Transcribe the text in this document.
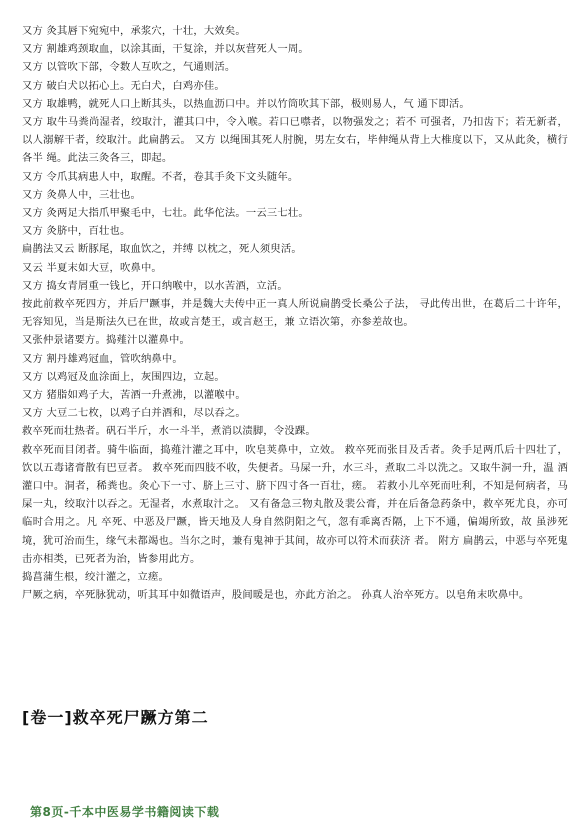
又方 灸其唇下宛宛中，承浆穴，十壮，大效矣。

又方 割雄鸡颈取血，以涂其面，干复涂，并以灰营死人一周。

又方 以管吹下部，令数人互吹之，气通则活。

又方 破白犬以拓心上。无白犬，白鸡亦佳。

又方 取雄鸭，就死人口上断其头，以热血沥口中。并以竹筒吹其下部，极则易人，气 通下即活。

又方 取牛马粪尚湿者，绞取汁，灌其口中，令入喉。若口已噤者，以物强发之；若不 可强者，乃扣齿下；若无新者，以人溺解干者，绞取汁。此扁鹊云。 又方 以绳围其死人肘腕，男左女右，毕伸绳从背上大椎度以下，又从此灸，横行各半 绳。此法三灸各三，即起。

又方 令爪其病患人中，取醒。不者，卷其手灸下文头随年。

又方 灸鼻人中，三壮也。

又方 灸两足大指爪甲聚毛中，七壮。此华佗法。一云三七壮。

又方 灸脐中，百壮也。

扁鹊法又云 断豚尾，取血饮之，并缚 以枕之，死人须臾活。

又云 半夏末如大豆，吹鼻中。

又方 捣女青屑重一钱匕，开口纳喉中，以水苦酒，立活。

按此前救卒死四方，并后尸蹶事，并是魏大夫传中正一真人所说扁鹊受长桑公子法， 寻此传出世，在葛后二十许年，无容知见，当是斯法久已在世，故或言楚王，或言赵王，兼 立语次第，亦参差故也。

又张仲景诸要方。捣薤汁以灌鼻中。

又方 割丹雄鸡冠血，管吹纳鼻中。

又方 以鸡冠及血涂面上，灰围四边，立起。

又方 猪脂如鸡子大，苦酒一升煮沸，以灌喉中。

又方 大豆二七枚，以鸡子白并酒和，尽以吞之。

救卒死而壮热者。矾石半斤，水一斗半，煮消以渍脚，令没踝。

救卒死而目闭者。骑牛临面，捣薤汁灌之耳中，吹皂荚鼻中，立效。 救卒死而张目及舌者。灸手足两爪后十四壮了，饮以五毒诸膏散有巴豆者。 救卒死而四肢不收，失便者。马屎一升，水三斗，煮取二斗以洗之。又取牛洞一升，温 酒灌口中。洞者，稀粪也。灸心下一寸、脐上三寸、脐下四寸各一百壮，瘥。 若救小儿卒死而吐利，不知是何病者，马屎一丸，绞取汁以吞之。无湿者，水煮取汁之。 又有备急三物丸散及裴公膏，并在后备急药条中，救卒死尤良，亦可临时合用之。凡 卒死、中恶及尸蹶，皆天地及人身自然阴阳之气，忽有乖离否隔，上下不通，偏竭所致，故 虽涉死境，犹可治而生，缘气未都竭也。当尔之时，兼有鬼神于其间，故亦可以符术而获济 者。 附方 扁鹊云，中恶与卒死鬼击亦相类，已死者为治，皆参用此方。

捣菖蒲生根，绞汁灌之，立瘥。

尸厥之病，卒死脉犹动，听其耳中如微语声，股间暖是也，亦此方治之。 孙真人治卒死方。以皂角末吹鼻中。

[卷一]救卒死尸蹶方第二
第8页-千本中医易学书籍阅读下载
